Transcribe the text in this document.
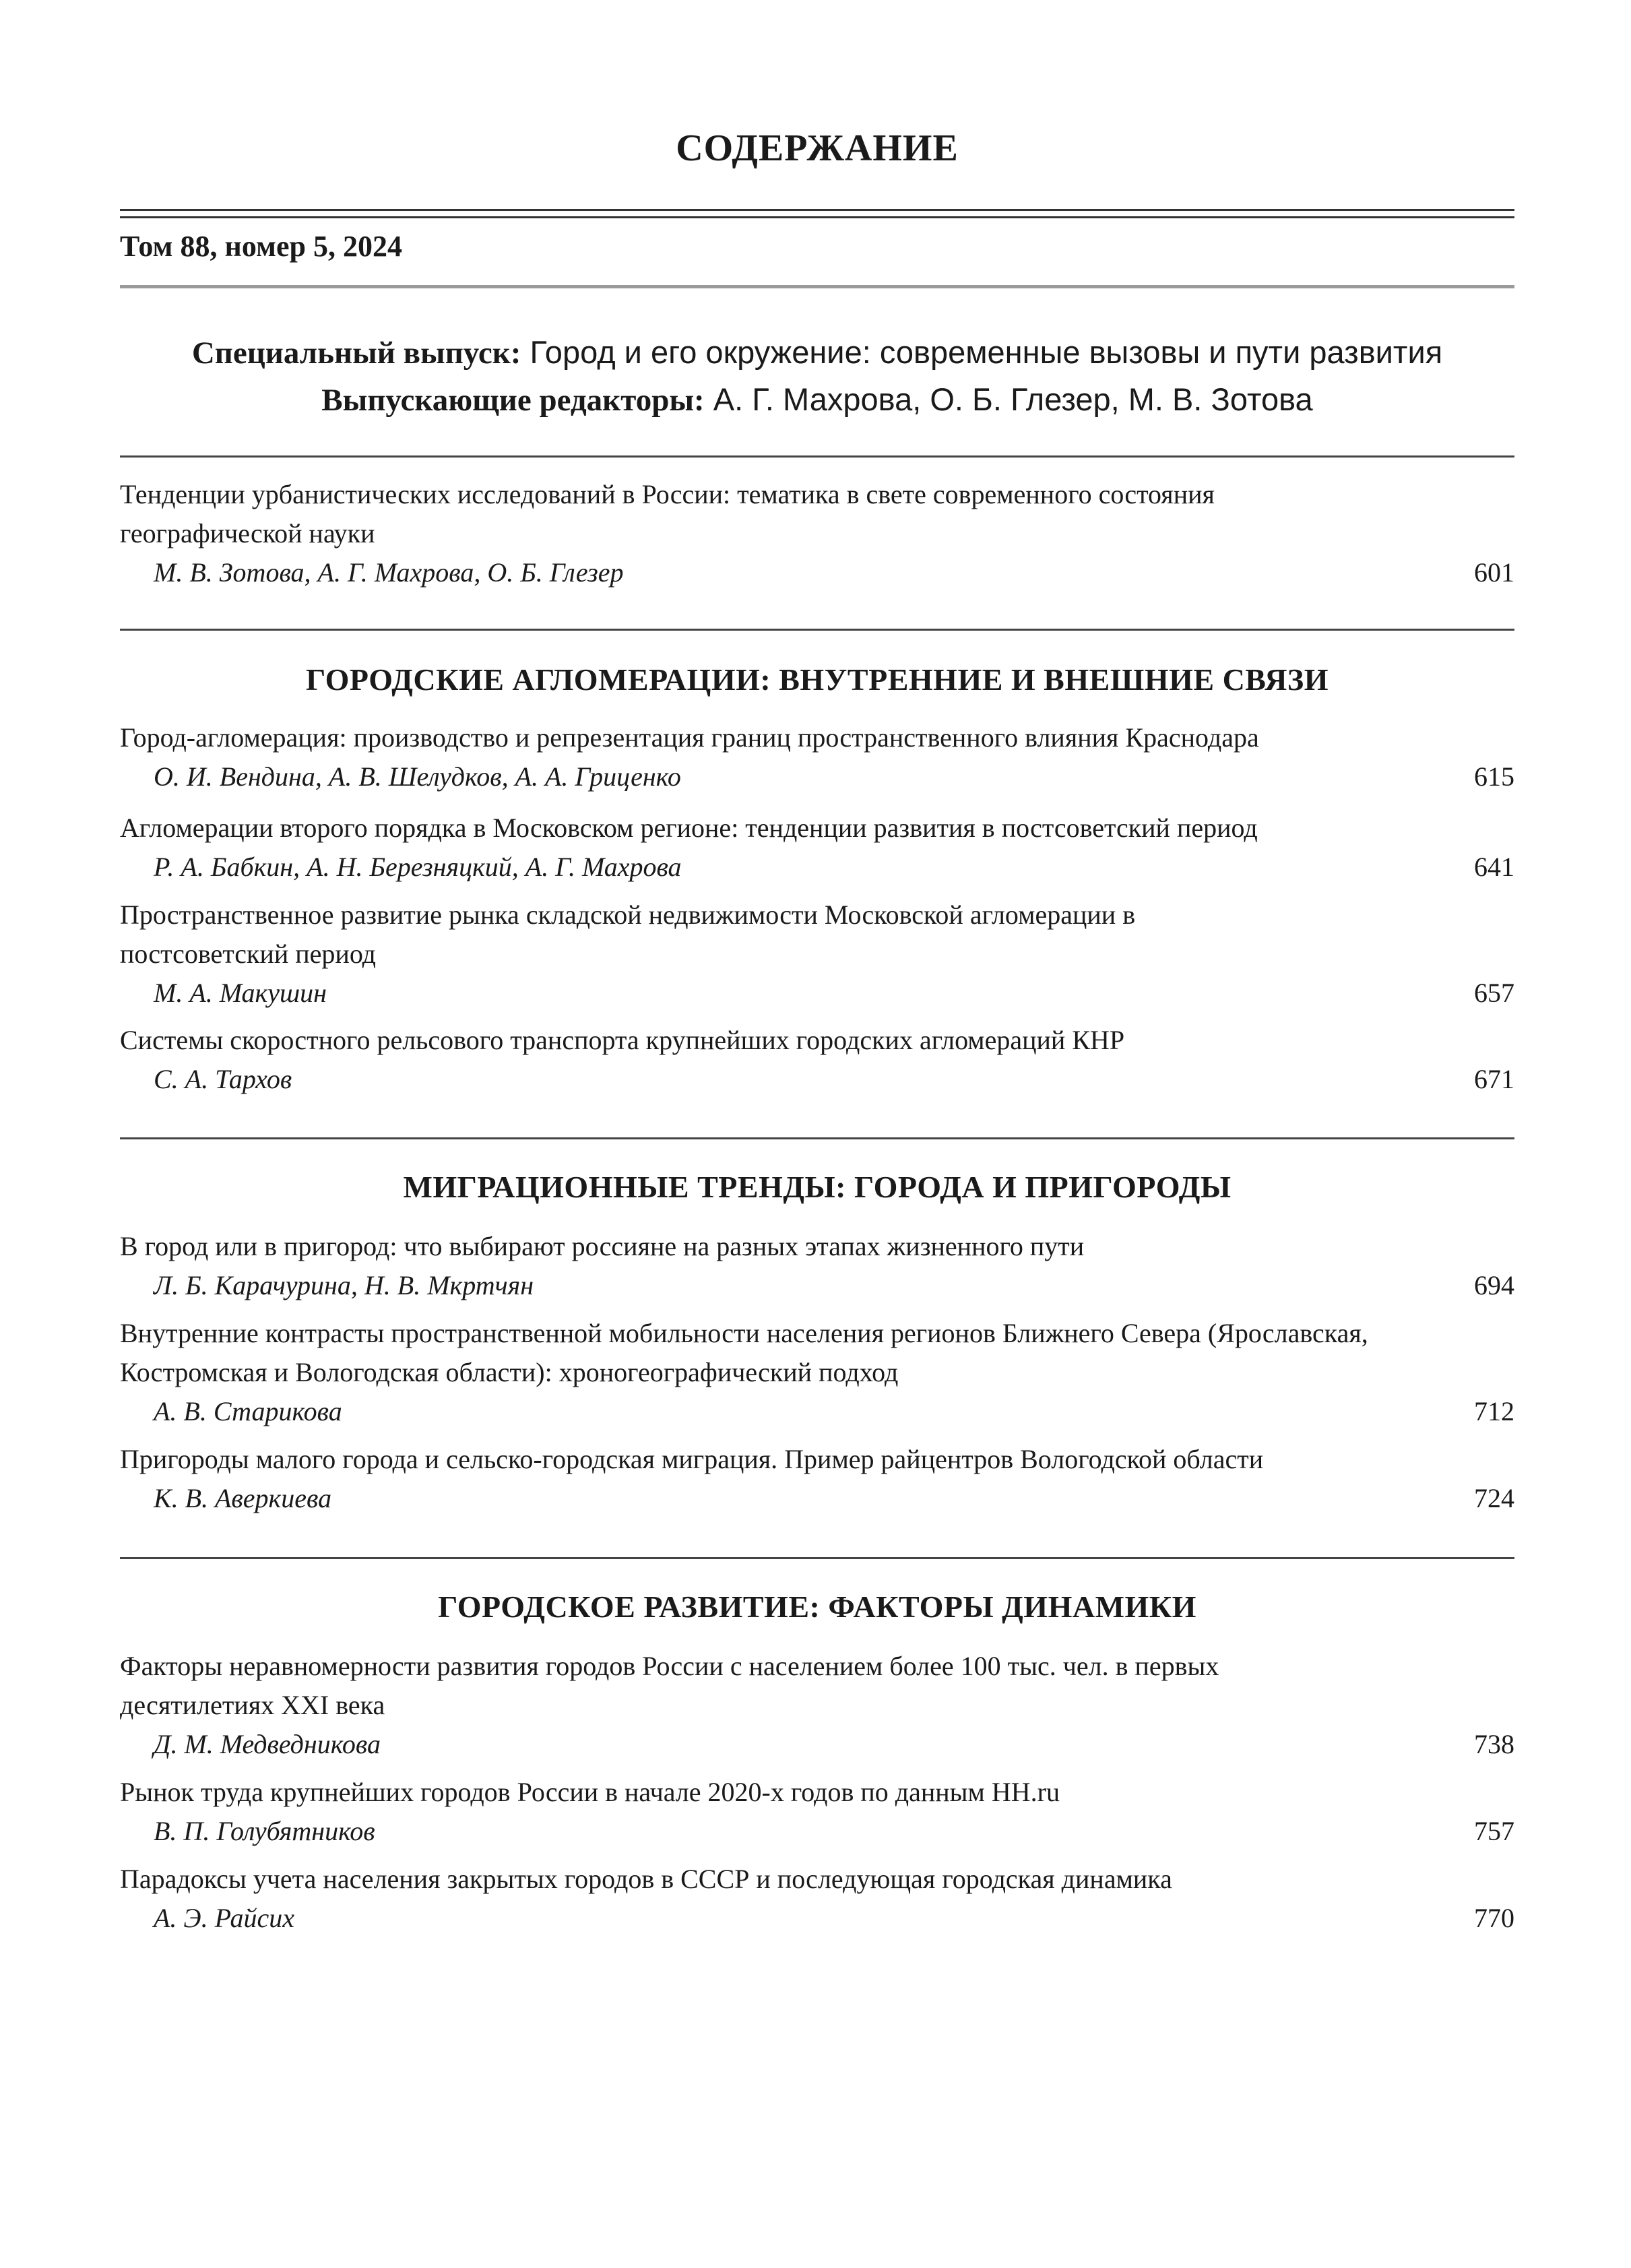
СОДЕРЖАНИЕ
Том 88, номер 5, 2024
Специальный выпуск: Город и его окружение: современные вызовы и пути развития
Выпускающие редакторы: А. Г. Махрова, О. Б. Глезер, М. В. Зотова
Тенденции урбанистических исследований в России: тематика в свете современного состояния географической науки
М. В. Зотова, А. Г. Махрова, О. Б. Глезер	601
ГОРОДСКИЕ АГЛОМЕРАЦИИ: ВНУТРЕННИЕ И ВНЕШНИЕ СВЯЗИ
Город-агломерация: производство и репрезентация границ пространственного влияния Краснодара
О. И. Вендина, А. В. Шелудков, А. А. Гриценко	615
Агломерации второго порядка в Московском регионе: тенденции развития в постсоветский период
Р. А. Бабкин, А. Н. Березняцкий, А. Г. Махрова	641
Пространственное развитие рынка складской недвижимости Московской агломерации в постсоветский период
М. А. Макушин	657
Системы скоростного рельсового транспорта крупнейших городских агломераций КНР
С. А. Тархов	671
МИГРАЦИОННЫЕ ТРЕНДЫ: ГОРОДА И ПРИГОРОДЫ
В город или в пригород: что выбирают россияне на разных этапах жизненного пути
Л. Б. Карачурина, Н. В. Мкртчян	694
Внутренние контрасты пространственной мобильности населения регионов Ближнего Севера (Ярославская, Костромская и Вологодская области): хроногеографический подход
А. В. Старикова	712
Пригороды малого города и сельско-городская миграция. Пример райцентров Вологодской области
К. В. Аверкиева	724
ГОРОДСКОЕ РАЗВИТИЕ: ФАКТОРЫ ДИНАМИКИ
Факторы неравномерности развития городов России с населением более 100 тыс. чел. в первых десятилетиях XXI века
Д. М. Медведникова	738
Рынок труда крупнейших городов России в начале 2020-х годов по данным HH.ru
В. П. Голубятников	757
Парадоксы учета населения закрытых городов в СССР и последующая городская динамика
А. Э. Райсих	770
